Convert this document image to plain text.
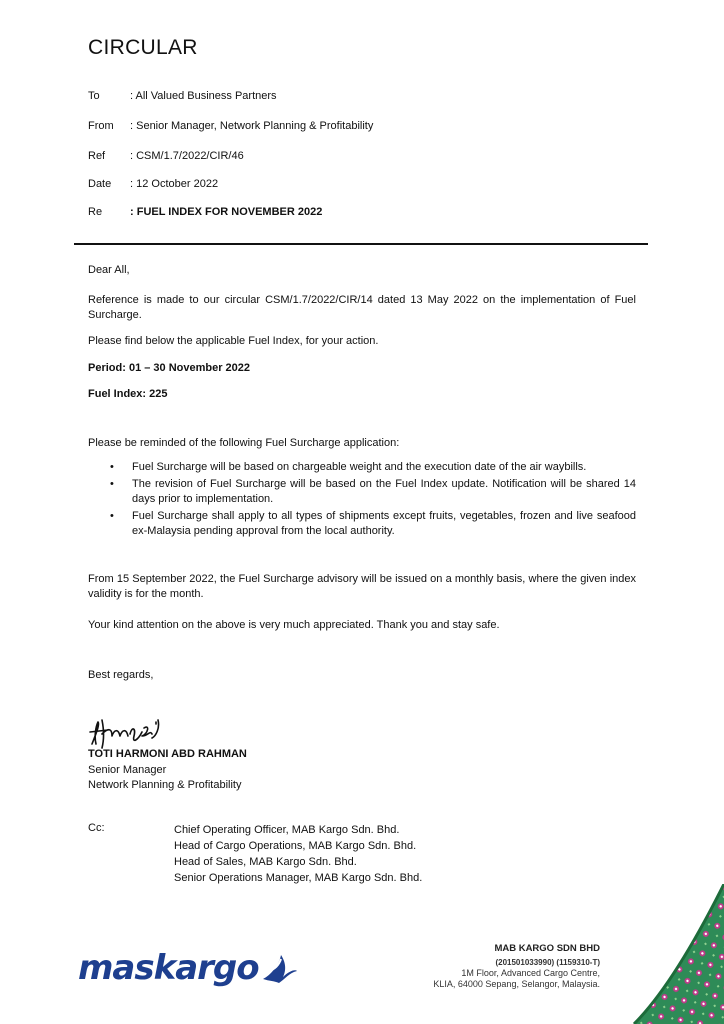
CIRCULAR
To	: All Valued Business Partners
From	: Senior Manager, Network Planning & Profitability
Ref	: CSM/1.7/2022/CIR/46
Date	: 12 October 2022
Re	: FUEL INDEX FOR NOVEMBER 2022

Dear All,

Reference is made to our circular CSM/1.7/2022/CIR/14 dated 13 May 2022 on the implementation of Fuel Surcharge.

Please find below the applicable Fuel Index, for your action.

Period: 01 – 30 November 2022

Fuel Index: 225

Please be reminded of the following Fuel Surcharge application:

• Fuel Surcharge will be based on chargeable weight and the execution date of the air waybills.
• The revision of Fuel Surcharge will be based on the Fuel Index update. Notification will be shared 14 days prior to implementation.
• Fuel Surcharge shall apply to all types of shipments except fruits, vegetables, frozen and live seafood ex-Malaysia pending approval from the local authority.

From 15 September 2022, the Fuel Surcharge advisory will be issued on a monthly basis, where the given index validity is for the month.

Your kind attention on the above is very much appreciated. Thank you and stay safe.

Best regards,

TOTI HARMONI ABD RAHMAN
Senior Manager
Network Planning & Profitability
Cc:	Chief Operating Officer, MAB Kargo Sdn. Bhd.
Head of Cargo Operations, MAB Kargo Sdn. Bhd.
Head of Sales, MAB Kargo Sdn. Bhd.
Senior Operations Manager, MAB Kargo Sdn. Bhd.
MAB KARGO SDN BHD
(201501033990) (1159310-T)
1M Floor, Advanced Cargo Centre,
KLIA, 64000 Sepang, Selangor, Malaysia.
maskargo
